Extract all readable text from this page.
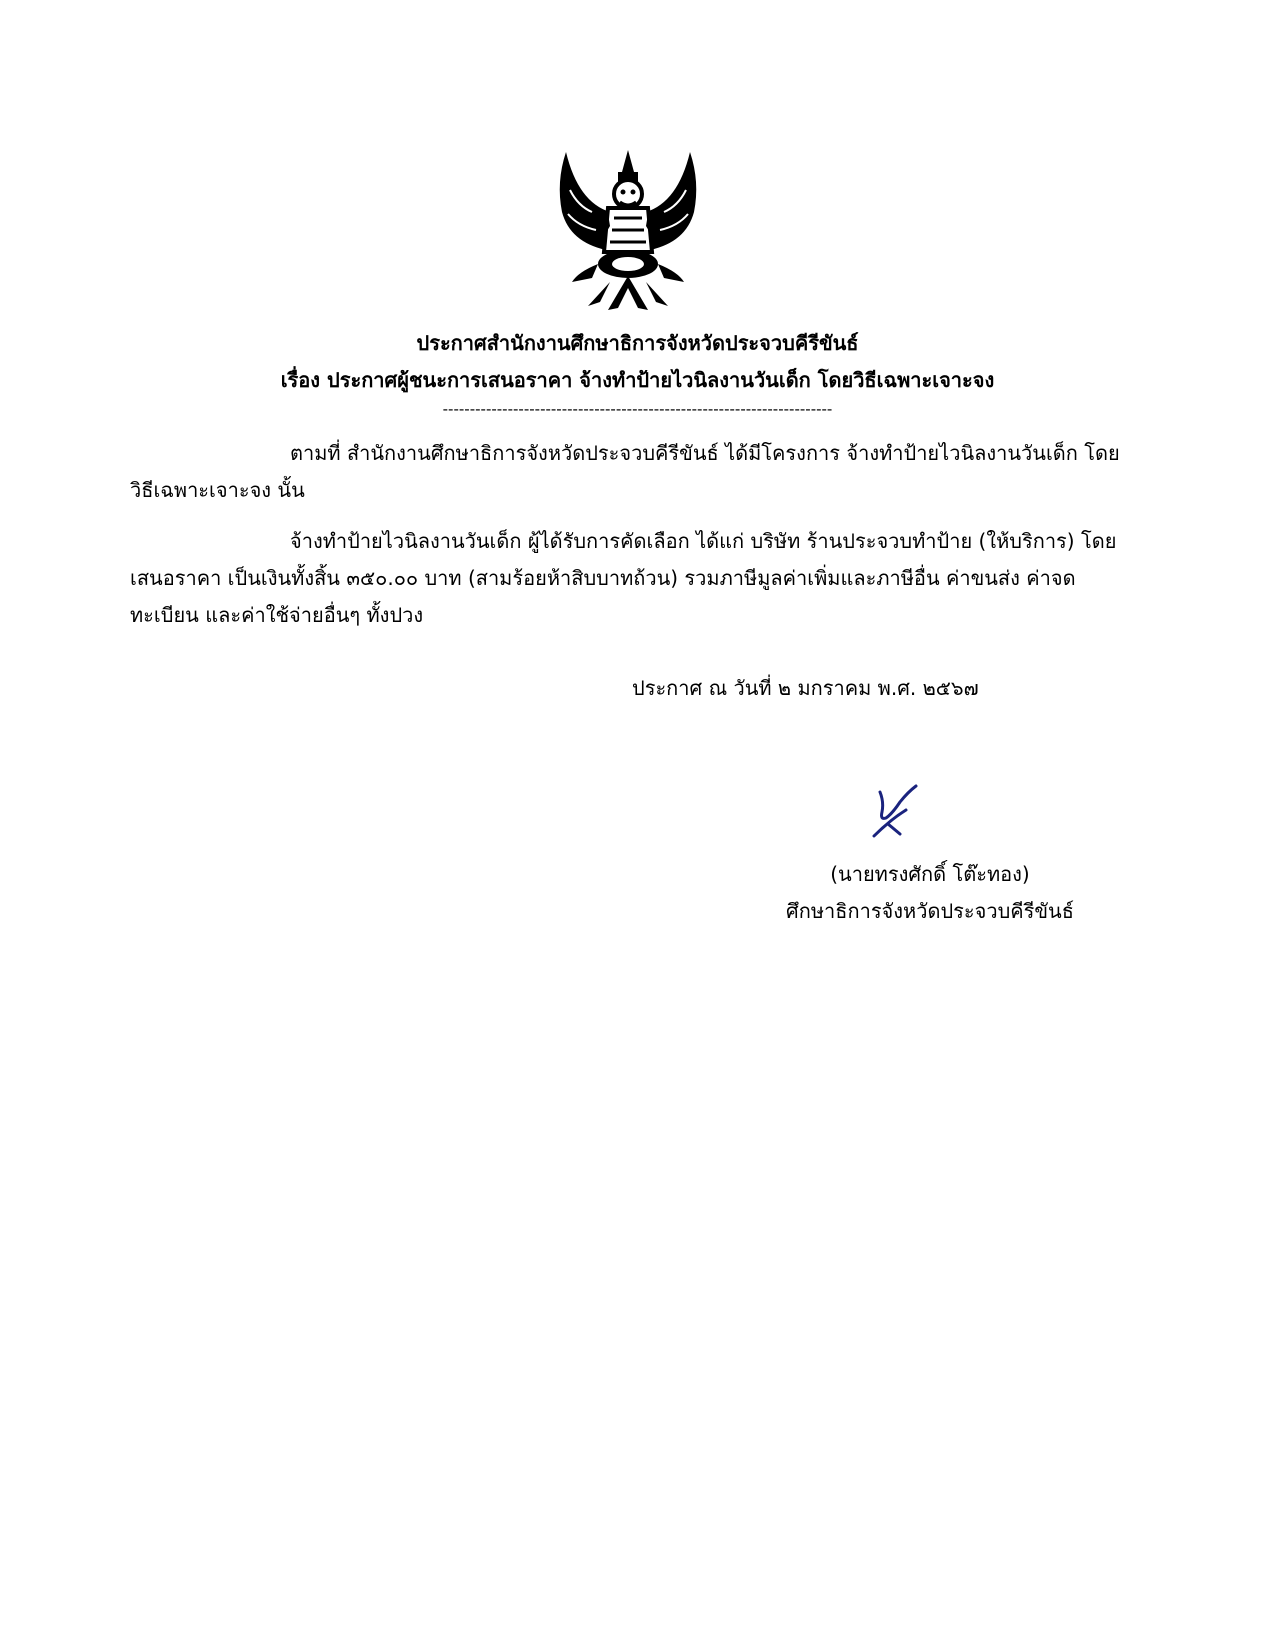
ประกาศสำนักงานศึกษาธิการจังหวัดประจวบคีรีขันธ์
เรื่อง ประกาศผู้ชนะการเสนอราคา จ้างทำป้ายไวนิลงานวันเด็ก โดยวิธีเฉพาะเจาะจง
------------------------------------------------------------------------
ตามที่ สำนักงานศึกษาธิการจังหวัดประจวบคีรีขันธ์ ได้มีโครงการ จ้างทำป้ายไวนิลงานวันเด็ก โดยวิธีเฉพาะเจาะจง นั้น
จ้างทำป้ายไวนิลงานวันเด็ก ผู้ได้รับการคัดเลือก ได้แก่ บริษัท ร้านประจวบทำป้าย (ให้บริการ) โดยเสนอราคา เป็นเงินทั้งสิ้น ๓๕๐.๐๐ บาท (สามร้อยห้าสิบบาทถ้วน) รวมภาษีมูลค่าเพิ่มและภาษีอื่น ค่าขนส่ง ค่าจดทะเบียน และค่าใช้จ่ายอื่นๆ ทั้งปวง
ประกาศ ณ วันที่ ๒ มกราคม พ.ศ. ๒๕๖๗
(นายทรงศักดิ์ โต๊ะทอง)
ศึกษาธิการจังหวัดประจวบคีรีขันธ์
